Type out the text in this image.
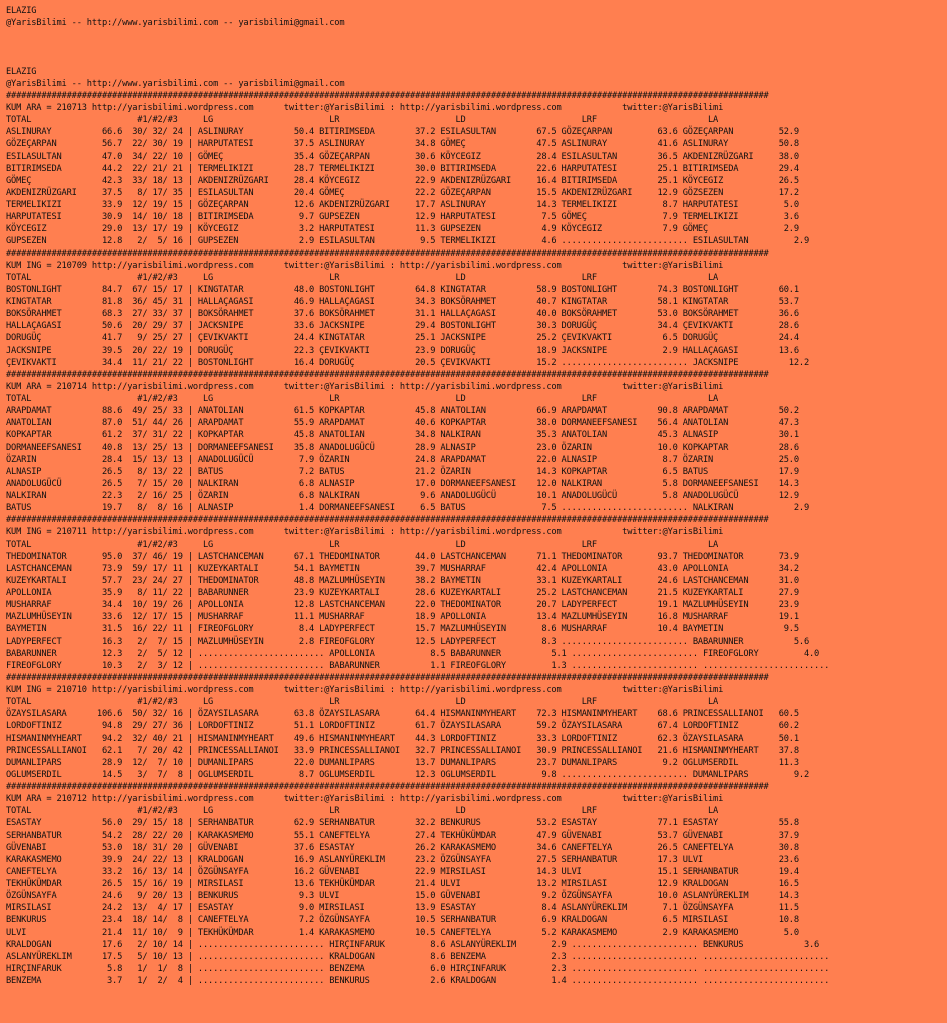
ELAZIG
@YarisBilimi -- http://www.yarisbilimi.com -- yarisbilimi@gmail.com

ELAZIG
@YarisBilimi -- http://www.yarisbilimi.com -- yarisbilimi@gmail.com
#######################################################################################################################################################
KUM ARA = 210713 http://yarisbilimi.wordpress.com      twitter:@YarisBilimi : http://yarisbilimi.wordpress.com            twitter:@YarisBilimi
TOTAL                     #1/#2/#3     LG                       LR                       LD                       LRF                      LA
ASLINURAY          66.6  30/ 32/ 24 | ASLINURAY          50.4 BITIRIMSEDA        37.2 ESILASULTAN        67.5 GÖZEÇARPAN         63.6 GÖZEÇARPAN         52.9
GÖZEÇARPAN         56.7  22/ 30/ 19 | HARPUTATESI        37.5 ASLINURAY          34.8 GÖMEÇ              47.5 ASLINURAY          41.6 ASLINURAY          50.8
ESILASULTAN        47.0  34/ 22/ 10 | GÖMEÇ              35.4 GÖZEÇARPAN         30.6 KÖYCEGIZ           28.4 ESILASULTAN        36.5 AKDENIZRÜZGARI     38.0
BITIRIMSEDA        44.2  22/ 21/ 21 | TERMELIKIZI        28.7 TERMELIKIZI        30.0 BITIRIMSEDA        22.6 HARPUTATESI        25.1 BITIRIMSEDA        29.4
GÖMEÇ              42.3  33/ 18/ 13 | AKDENIZRÜZGARI     28.4 KÖYCEGIZ           22.9 AKDENIZRÜZGARI     16.4 BITIRIMSEDA        25.1 KÖYCEGIZ           26.5
AKDENIZRÜZGARI     37.5   8/ 17/ 35 | ESILASULTAN        20.4 GÖMEÇ              22.2 GÖZEÇARPAN         15.5 AKDENIZRÜZGARI     12.9 GÖZSEZEN           17.2
TERMELIKIZI        33.9  12/ 19/ 15 | GÖZEÇARPAN         12.6 AKDENIZRÜZGARI     17.7 ASLINURAY          14.3 TERMELIKIZI         8.7 HARPUTATESI         5.0
HARPUTATESI        30.9  14/ 10/ 18 | BITIRIMSEDA         9.7 GUPSEZEN           12.9 HARPUTATESI         7.5 GÖMEÇ               7.9 TERMELIKIZI         3.6
KÖYCEGIZ           29.0  13/ 17/ 19 | KÖYCEGIZ            3.2 HARPUTATESI        11.3 GUPSEZEN            4.9 KÖYCEGIZ            7.9 GÖMEÇ               2.9
GUPSEZEN           12.8   2/  5/ 16 | GUPSEZEN            2.9 ESILASULTAN         9.5 TERMELIKIZI         4.6 ......................... ESILASULTAN         2.9
#######################################################################################################################################################
KUM ING = 210709 http://yarisbilimi.wordpress.com      twitter:@YarisBilimi : http://yarisbilimi.wordpress.com            twitter:@YarisBilimi
TOTAL                     #1/#2/#3     LG                       LR                       LD                       LRF                      LA
BOSTONLIGHT        84.7  67/ 15/ 17 | KINGTATAR          48.0 BOSTONLIGHT        64.8 KINGTATAR          58.9 BOSTONLIGHT        74.3 BOSTONLIGHT        60.1
KINGTATAR          81.8  36/ 45/ 31 | HALLAÇAGASI        46.9 HALLAÇAGASI        34.3 BOKSÖRAHMET        40.7 KINGTATAR          58.1 KINGTATAR          53.7
BOKSÖRAHMET        68.3  27/ 33/ 37 | BOKSÖRAHMET        37.6 BOKSÖRAHMET        31.1 HALLAÇAGASI        40.0 BOKSÖRAHMET        53.0 BOKSÖRAHMET        36.6
HALLAÇAGASI        50.6  20/ 29/ 37 | JACKSNIPE          33.6 JACKSNIPE          29.4 BOSTONLIGHT        30.3 DORUGÜÇ            34.4 ÇEVIKVAKTI         28.6
DORUGÜÇ            41.7   9/ 25/ 27 | ÇEVIKVAKTI         24.4 KINGTATAR          25.1 JACKSNIPE          25.2 ÇEVIKVAKTI          6.5 DORUGÜÇ            24.4
JACKSNIPE          39.5  20/ 22/ 19 | DORUGÜÇ            22.3 ÇEVIKVAKTI         23.9 DORUGÜÇ            18.9 JACKSNIPE           2.9 HALLAÇAGASI        13.6
ÇEVIKVAKTI         34.4  11/ 21/ 22 | BOSTONLIGHT        16.4 DORUGÜÇ            20.5 ÇEVIKVAKTI         15.2 ......................... JACKSNIPE          12.2
#######################################################################################################################################################
KUM ARA = 210714 http://yarisbilimi.wordpress.com      twitter:@YarisBilimi : http://yarisbilimi.wordpress.com            twitter:@YarisBilimi
TOTAL                     #1/#2/#3     LG                       LR                       LD                       LRF                      LA
ARAPDAMAT          88.6  49/ 25/ 33 | ANATOLIAN          61.5 KOPKAPTAR          45.8 ANATOLIAN          66.9 ARAPDAMAT          90.8 ARAPDAMAT          50.2
ANATOLIAN          87.0  51/ 44/ 26 | ARAPDAMAT          55.9 ARAPDAMAT          40.6 KOPKAPTAR          38.0 DORMANEEFSANESI    56.4 ANATOLIAN          47.3
KOPKAPTAR          61.2  37/ 31/ 22 | KOPKAPTAR          45.8 ANATOLIAN          34.8 NALKIRAN           35.3 ANATOLIAN          45.3 ALNASIP            30.1
DORMANEEFSANESI    40.8  13/ 25/ 13 | DORMANEEFSANESI    35.8 ANADOLUGÜCÜ        28.9 ALNASIP            23.0 ÖZARIN             10.0 KOPKAPTAR          28.6
ÖZARIN             28.4  15/ 13/ 13 | ANADOLUGÜCÜ         7.9 ÖZARIN             24.8 ARAPDAMAT          22.0 ALNASIP             8.7 ÖZARIN             25.0
ALNASIP            26.5   8/ 13/ 22 | BATUS               7.2 BATUS              21.2 ÖZARIN             14.3 KOPKAPTAR           6.5 BATUS              17.9
ANADOLUGÜCÜ        26.5   7/ 15/ 20 | NALKIRAN            6.8 ALNASIP            17.0 DORMANEEFSANESI    12.0 NALKIRAN            5.8 DORMANEEFSANESI    14.3
NALKIRAN           22.3   2/ 16/ 25 | ÖZARIN              6.8 NALKIRAN            9.6 ANADOLUGÜCÜ        10.1 ANADOLUGÜCÜ         5.8 ANADOLUGÜCÜ        12.9
BATUS              19.7   8/  8/ 16 | ALNASIP             1.4 DORMANEEFSANESI     6.5 BATUS               7.5 ......................... NALKIRAN            2.9
#######################################################################################################################################################
KUM ING = 210711 http://yarisbilimi.wordpress.com      twitter:@YarisBilimi : http://yarisbilimi.wordpress.com            twitter:@YarisBilimi
TOTAL                     #1/#2/#3     LG                       LR                       LD                       LRF                      LA
THEDOMINATOR       95.0  37/ 46/ 19 | LASTCHANCEMAN      67.1 THEDOMINATOR       44.0 LASTCHANCEMAN      71.1 THEDOMINATOR       93.7 THEDOMINATOR       73.9
LASTCHANCEMAN      73.9  59/ 17/ 11 | KUZEYKARTALI       54.1 BAYMETIN           39.7 MUSHARRAF          42.4 APOLLONIA          43.0 APOLLONIA          34.2
KUZEYKARTALI       57.7  23/ 24/ 27 | THEDOMINATOR       48.8 MAZLUMHÜSEYIN      38.2 BAYMETIN           33.1 KUZEYKARTALI       24.6 LASTCHANCEMAN      31.0
APOLLONIA          35.9   8/ 11/ 22 | BABARUNNER         23.9 KUZEYKARTALI       28.6 KUZEYKARTALI       25.2 LASTCHANCEMAN      21.5 KUZEYKARTALI       27.9
MUSHARRAF          34.4  10/ 19/ 26 | APOLLONIA          12.8 LASTCHANCEMAN      22.0 THEDOMINATOR       20.7 LADYPERFECT        19.1 MAZLUMHÜSEYIN      23.9
MAZLUMHÜSEYIN      33.6  12/ 17/ 15 | MUSHARRAF          11.1 MUSHARRAF          18.9 APOLLONIA          13.4 MAZLUMHÜSEYIN      16.8 MUSHARRAF          19.1
BAYMETIN           31.5  16/ 22/ 11 | FIREOFGLORY         8.4 LADYPERFECT        15.7 MAZLUMHÜSEYIN       8.6 MUSHARRAF          10.4 BAYMETIN            9.5
LADYPERFECT        16.3   2/  7/ 15 | MAZLUMHÜSEYIN       2.8 FIREOFGLORY        12.5 LADYPERFECT         8.3 ......................... BABARUNNER          5.6
BABARUNNER         12.3   2/  5/ 12 | ......................... APOLLONIA           8.5 BABARUNNER          5.1 ......................... FIREOFGLORY         4.0
FIREOFGLORY        10.3   2/  3/ 12 | ......................... BABARUNNER          1.1 FIREOFGLORY         1.3 ......................... .........................
#######################################################################################################################################################
KUM ING = 210710 http://yarisbilimi.wordpress.com      twitter:@YarisBilimi : http://yarisbilimi.wordpress.com            twitter:@YarisBilimi
TOTAL                     #1/#2/#3     LG                       LR                       LD                       LRF                      LA
ÖZAYSILASARA      106.6  50/ 32/ 16 | ÖZAYSILASARA       63.8 ÖZAYSILASARA       64.4 HISMANINMYHEART    72.3 HISMANINMYHEART    68.6 PRINCESSALLIANOI   60.5
LORDOFTINIZ        94.8  29/ 27/ 36 | LORDOFTINIZ        51.1 LORDOFTINIZ        61.7 ÖZAYSILASARA       59.2 ÖZAYSILASARA       67.4 LORDOFTINIZ        60.2
HISMANINMYHEART    94.2  32/ 40/ 21 | HISMANINMYHEART    49.6 HISMANINMYHEART    44.3 LORDOFTINIZ        33.3 LORDOFTINIZ        62.3 ÖZAYSILASARA       50.1
PRINCESSALLIANOI   62.1   7/ 20/ 42 | PRINCESSALLIANOI   33.9 PRINCESSALLIANOI   32.7 PRINCESSALLIANOI   30.9 PRINCESSALLIANOI   21.6 HISMANINMYHEART    37.8
DUMANLIPARS        28.9  12/  7/ 10 | DUMANLIPARS        22.0 DUMANLIPARS        13.7 DUMANLIPARS        23.7 DUMANLIPARS         9.2 OGLUMSERDIL        11.3
OGLUMSERDIL        14.5   3/  7/  8 | OGLUMSERDIL         8.7 OGLUMSERDIL        12.3 OGLUMSERDIL         9.8 ......................... DUMANLIPARS         9.2
#######################################################################################################################################################
KUM ARA = 210712 http://yarisbilimi.wordpress.com      twitter:@YarisBilimi : http://yarisbilimi.wordpress.com            twitter:@YarisBilimi
TOTAL                     #1/#2/#3     LG                       LR                       LD                       LRF                      LA
ESASTAY            56.0  29/ 15/ 18 | SERHANBATUR        62.9 SERHANBATUR        32.2 BENKURUS           53.2 ESASTAY            77.1 ESASTAY            55.8
SERHANBATUR        54.2  28/ 22/ 20 | KARAKASMEMO        55.1 CANEFTELYA         27.4 TEKHÜKÜMDAR        47.9 GÜVENABI           53.7 GÜVENABI           37.9
GÜVENABI           53.0  18/ 31/ 20 | GÜVENABI           37.6 ESASTAY            26.2 KARAKASMEMO        34.6 CANEFTELYA         26.5 CANEFTELYA         30.8
KARAKASMEMO        39.9  24/ 22/ 13 | KRALDOGAN          16.9 ASLANYÜREKLIM      23.2 ÖZGÜNSAYFA         27.5 SERHANBATUR        17.3 ULVI               23.6
CANEFTELYA         33.2  16/ 13/ 14 | ÖZGÜNSAYFA         16.2 GÜVENABI           22.9 MIRSILASI          14.3 ULVI               15.1 SERHANBATUR        19.4
TEKHÜKÜMDAR        26.5  15/ 16/ 19 | MIRSILASI          13.6 TEKHÜKÜMDAR        21.4 ULVI               13.2 MIRSILASI          12.9 KRALDOGAN          16.5
ÖZGÜNSAYFA         24.6   9/ 20/ 13 | BENKURUS            9.3 ULVI               15.0 GÜVENABI            9.2 ÖZGÜNSAYFA         10.0 ASLANYÜREKLIM      14.3
MIRSILASI          24.2  13/  4/ 17 | ESASTAY             9.0 MIRSILASI          13.9 ESASTAY             8.4 ASLANYÜREKLIM       7.1 ÖZGÜNSAYFA         11.5
BENKURUS           23.4  18/ 14/  8 | CANEFTELYA          7.2 ÖZGÜNSAYFA         10.5 SERHANBATUR         6.9 KRALDOGAN           6.5 MIRSILASI          10.8
ULVI               21.4  11/ 10/  9 | TEKHÜKÜMDAR         1.4 KARAKASMEMO        10.5 CANEFTELYA          5.2 KARAKASMEMO         2.9 KARAKASMEMO         5.0
KRALDOGAN          17.6   2/ 10/ 14 | ......................... HIRÇINFARUK         8.6 ASLANYÜREKLIM       2.9 ......................... BENKURUS            3.6
ASLANYÜREKLIM      17.5   5/ 10/ 13 | ......................... KRALDOGAN           8.6 BENZEMA             2.3 ......................... .........................
HIRÇINFARUK         5.8   1/  1/  8 | ......................... BENZEMA             6.0 HIRÇINFARUK         2.3 ......................... .........................
BENZEMA             3.7   1/  2/  4 | ......................... BENKURUS            2.6 KRALDOGAN           1.4 ......................... .........................
